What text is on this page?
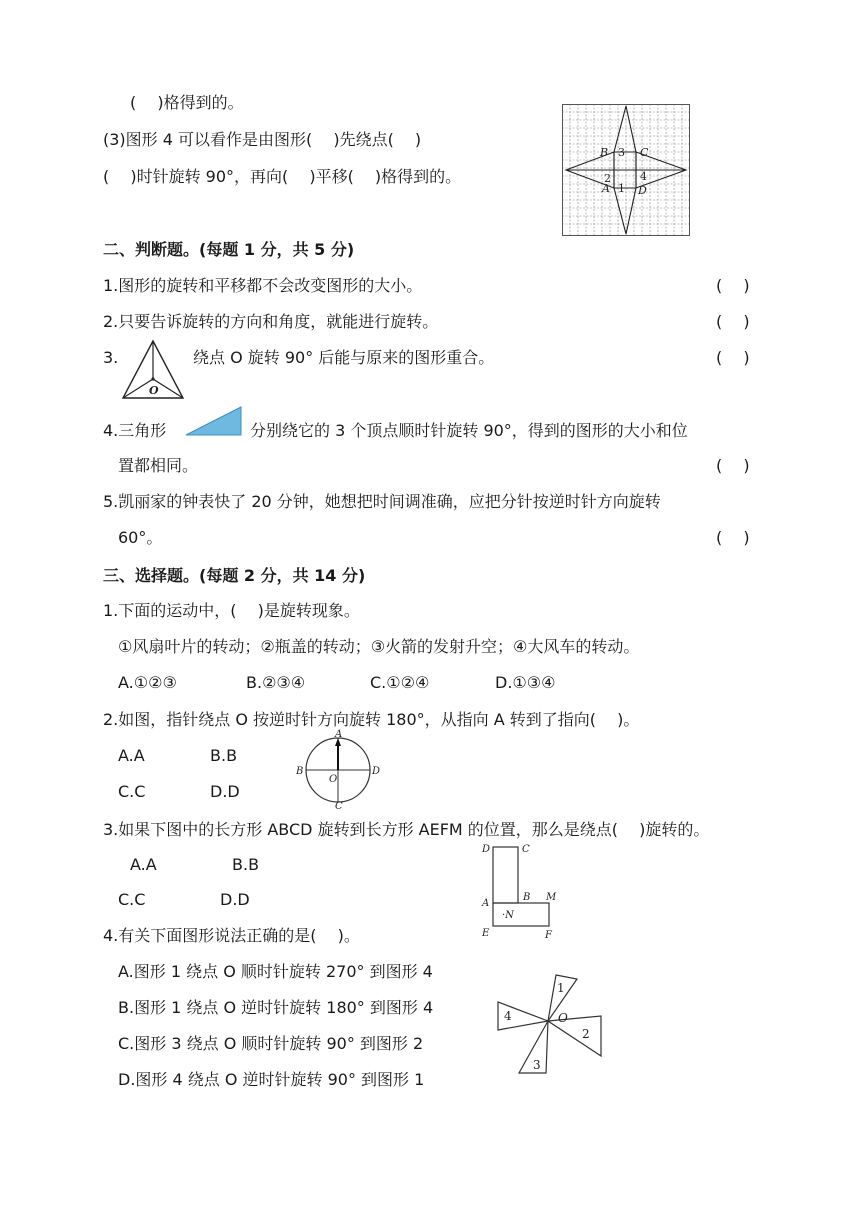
(　 )格得到的。
(3)图形 4 可以看作是由图形(　 )先绕点(　 )
(　 )时针旋转 90°，再向(　 )平移(　 )格得到的。
B 3 C
2	4
A 1 D
二、判断题。(每题 1 分，共 5 分)
1.图形的旋转和平移都不会改变图形的大小。	(　 )
2.只要告诉旋转的方向和角度，就能进行旋转。	(　 )
3.
O
绕点 O 旋转 90° 后能与原来的图形重合。	(　 )
4.三角形	分别绕它的 3 个顶点顺时针旋转 90°，得到的图形的大小和位
置都相同。	(　 )
5.凯丽家的钟表快了 20 分钟，她想把时间调准确，应把分针按逆时针方向旋转
60°。	(　 )
三、选择题。(每题 2 分，共 14 分)
1.下面的运动中，(　 )是旋转现象。
①风扇叶片的转动；②瓶盖的转动；③火箭的发射升空；④大风车的转动。
A.①②③	B.②③④	C.①②④	D.①③④
2.如图，指针绕点 O 按逆时针方向旋转 180°，从指向 A 转到了指向(　 )。
A.A	B.B
C.C	D.D
A
B
C
D
O
3.如果下图中的长方形 ABCD 旋转到长方形 AEFM 的位置，那么是绕点(　 )旋转的。
A.A	B.B
C.C	D.D
D	C
A
B M
·N
E	F
4.有关下面图形说法正确的是(　 )。
A.图形 1 绕点 O 顺时针旋转 270° 到图形 4
B.图形 1 绕点 O 逆时针旋转 180° 到图形 4
C.图形 3 绕点 O 顺时针旋转 90° 到图形 2
D.图形 4 绕点 O 逆时针旋转 90° 到图形 1
1
2
3
4	O
